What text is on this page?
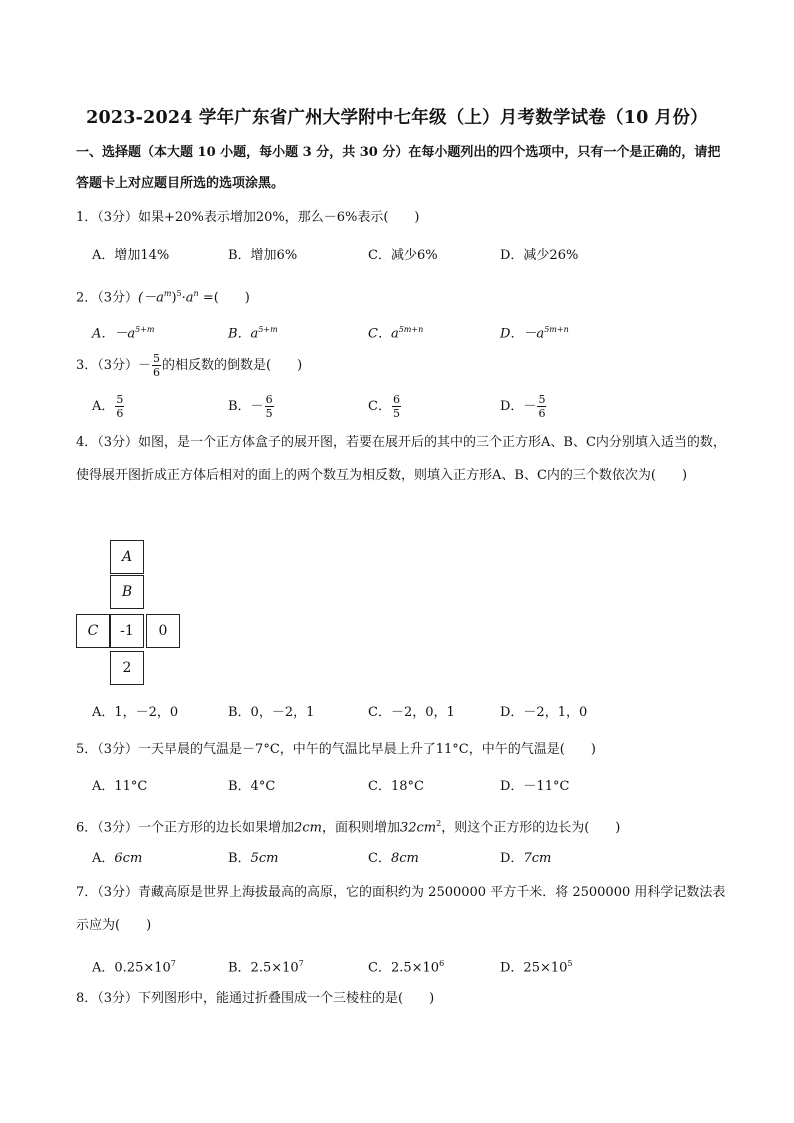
2023-2024 学年广东省广州大学附中七年级（上）月考数学试卷（10 月份）
一、选择题（本大题 10 小题，每小题 3 分，共 30 分）在每小题列出的四个选项中，只有一个是正确的，请把答题卡上对应题目所选的选项涂黑。
1．（3分）如果+20%表示增加20%，那么－6%表示(　　)
A．增加14%	B．增加6%	C．减少6%	D．减少26%
2．（3分）$(-a^m)^5\cdot a^n$ =(　　)
A．$-a^{5+m}$	B．$a^{5+m}$	C．$a^{5m+n}$	D．$-a^{5m+n}$
3．（3分）－ $\frac{5}{6}$ 的相反数的倒数是(　　)
A． $\frac{5}{6}$	B．－ $\frac{6}{5}$	C． $\frac{6}{5}$	D．－ $\frac{5}{6}$
4．（3分）如图，是一个正方体盒子的展开图，若要在展开后的其中的三个正方形A、B、C内分别填入适当的数，使得展开图折成正方体后相对的面上的两个数互为相反数，则填入正方形A、B、C内的三个数依次为(　　)
A
B
C	-1	0
2
A．1，－2，0	B．0，－2，1	C．－2，0，1	D．－2，1，0
5．（3分）一天早晨的气温是－7°C，中午的气温比早晨上升了11°C，中午的气温是(　　)
A．11°C	B．4°C	C．18°C	D．－11°C
6．（3分）一个正方形的边长如果增加2cm，面积则增加$32cm^2$，则这个正方形的边长为(　　)
A．6cm	B．5cm	C．8cm	D．7cm
7．（3分）青藏高原是世界上海拔最高的高原，它的面积约为 2500000 平方千米．将 2500000 用科学记数法表示应为(　　)
A．$0.25\times 10^7$	B．$2.5\times 10^7$	C．$2.5\times 10^6$	D．$25\times 10^5$
8．（3分）下列图形中，能通过折叠围成一个三棱柱的是(　　)
